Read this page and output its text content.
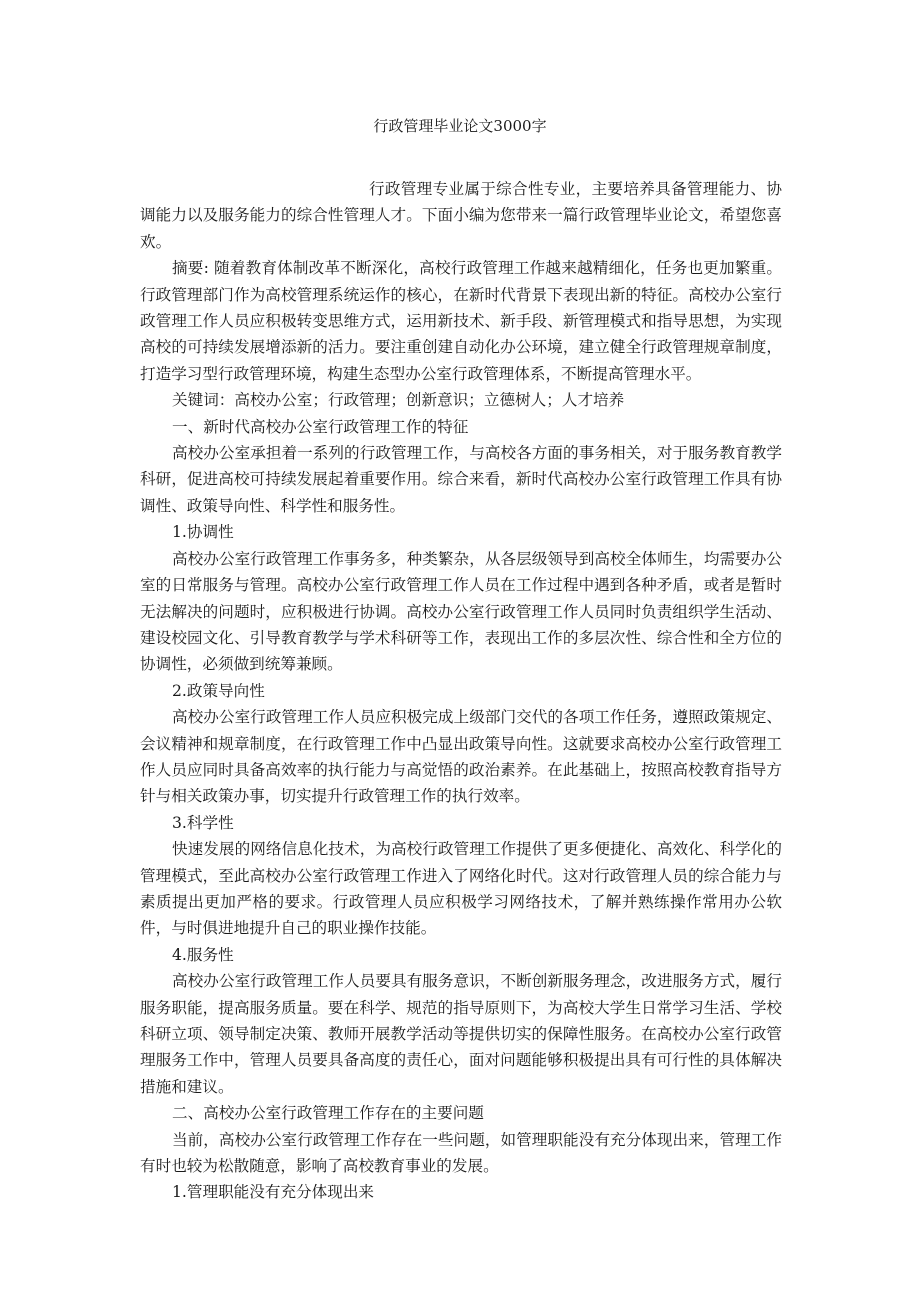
行政管理毕业论文3000字

行政管理专业属于综合性专业，主要培养具备管理能力、协调能力以及服务能力的综合性管理人才。下面小编为您带来一篇行政管理毕业论文，希望您喜欢。

摘要: 随着教育体制改革不断深化，高校行政管理工作越来越精细化，任务也更加繁重。行政管理部门作为高校管理系统运作的核心，在新时代背景下表现出新的特征。高校办公室行政管理工作人员应积极转变思维方式，运用新技术、新手段、新管理模式和指导思想，为实现高校的可持续发展增添新的活力。要注重创建自动化办公环境，建立健全行政管理规章制度，打造学习型行政管理环境，构建生态型办公室行政管理体系，不断提高管理水平。

关键词：高校办公室；行政管理；创新意识；立德树人；人才培养

一、新时代高校办公室行政管理工作的特征

高校办公室承担着一系列的行政管理工作，与高校各方面的事务相关，对于服务教育教学科研，促进高校可持续发展起着重要作用。综合来看，新时代高校办公室行政管理工作具有协调性、政策导向性、科学性和服务性。

1.协调性

高校办公室行政管理工作事务多，种类繁杂，从各层级领导到高校全体师生，均需要办公室的日常服务与管理。高校办公室行政管理工作人员在工作过程中遇到各种矛盾，或者是暂时无法解决的问题时，应积极进行协调。高校办公室行政管理工作人员同时负责组织学生活动、建设校园文化、引导教育教学与学术科研等工作，表现出工作的多层次性、综合性和全方位的协调性，必须做到统筹兼顾。

2.政策导向性

高校办公室行政管理工作人员应积极完成上级部门交代的各项工作任务，遵照政策规定、会议精神和规章制度，在行政管理工作中凸显出政策导向性。这就要求高校办公室行政管理工作人员应同时具备高效率的执行能力与高觉悟的政治素养。在此基础上，按照高校教育指导方针与相关政策办事，切实提升行政管理工作的执行效率。

3.科学性

快速发展的网络信息化技术，为高校行政管理工作提供了更多便捷化、高效化、科学化的管理模式，至此高校办公室行政管理工作进入了网络化时代。这对行政管理人员的综合能力与素质提出更加严格的要求。行政管理人员应积极学习网络技术，了解并熟练操作常用办公软件，与时俱进地提升自己的职业操作技能。

4.服务性

高校办公室行政管理工作人员要具有服务意识，不断创新服务理念，改进服务方式，履行服务职能，提高服务质量。要在科学、规范的指导原则下，为高校大学生日常学习生活、学校科研立项、领导制定决策、教师开展教学活动等提供切实的保障性服务。在高校办公室行政管理服务工作中，管理人员要具备高度的责任心，面对问题能够积极提出具有可行性的具体解决措施和建议。

二、高校办公室行政管理工作存在的主要问题

当前，高校办公室行政管理工作存在一些问题，如管理职能没有充分体现出来，管理工作有时也较为松散随意，影响了高校教育事业的发展。

1.管理职能没有充分体现出来
